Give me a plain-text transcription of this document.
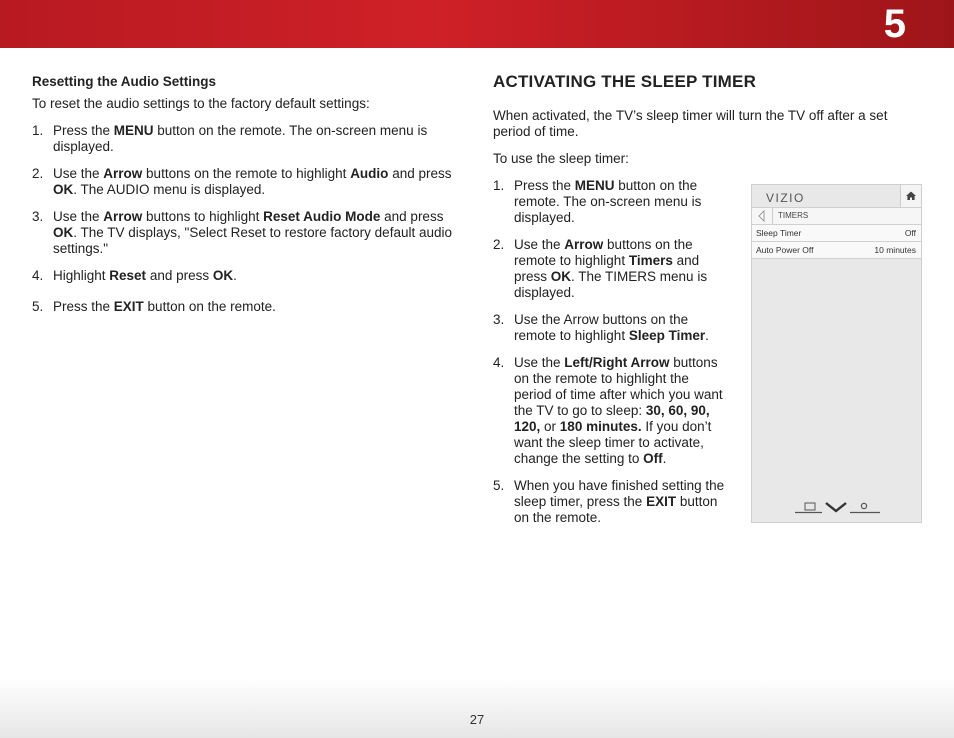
5
Resetting the Audio Settings

To reset the audio settings to the factory default settings:

1. Press the MENU button on the remote. The on-screen menu is displayed.
2. Use the Arrow buttons on the remote to highlight Audio and press OK. The AUDIO menu is displayed.
3. Use the Arrow buttons to highlight Reset Audio Mode and press OK. The TV displays, "Select Reset to restore factory default audio settings."
4. Highlight Reset and press OK.
5. Press the EXIT button on the remote.
ACTIVATING THE SLEEP TIMER

When activated, the TV’s sleep timer will turn the TV off after a set period of time.

To use the sleep timer:

1. Press the MENU button on the remote. The on-screen menu is displayed.
2. Use the Arrow buttons on the remote to highlight Timers and press OK. The TIMERS menu is displayed.
3. Use the Arrow buttons on the remote to highlight Sleep Timer.
4. Use the Left/Right Arrow buttons on the remote to highlight the period of time after which you want the TV to go to sleep: 30, 60, 90, 120, or 180 minutes. If you don’t want the sleep timer to activate, change the setting to Off.
5. When you have finished setting the sleep timer, press the EXIT button on the remote.
VIZIO
TIMERS
Sleep Timer	Off
Auto Power Off	10 minutes
27
